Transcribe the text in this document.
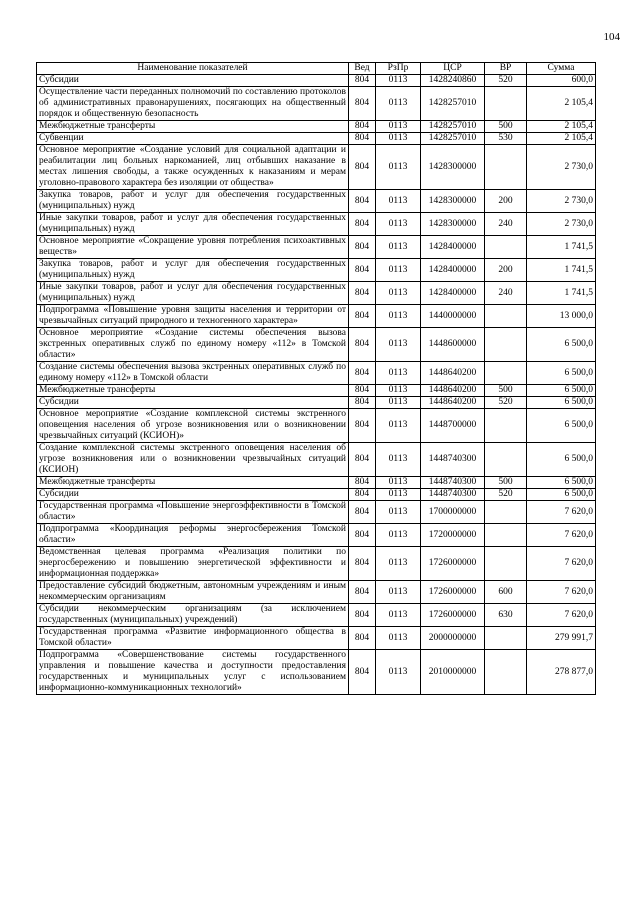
104
Наименование показателей	Вед	РзПр	ЦСР	ВР	Сумма
Субсидии	804	0113	1428240860	520	600,0
Осуществление части переданных полномочий по составлению протоколов об административных правонарушениях, посягающих на общественный порядок и общественную безопасность	804	0113	1428257010		2 105,4
Межбюджетные трансферты	804	0113	1428257010	500	2 105,4
Субвенции	804	0113	1428257010	530	2 105,4
Основное мероприятие «Создание условий для социальной адаптации и реабилитации лиц больных наркоманией, лиц отбывших наказание в местах лишения свободы, а также осужденных к наказаниям и мерам уголовно-правового характера без изоляции от общества»	804	0113	1428300000		2 730,0
Закупка товаров, работ и услуг для обеспечения государственных (муниципальных) нужд	804	0113	1428300000	200	2 730,0
Иные закупки товаров, работ и услуг для обеспечения государственных (муниципальных) нужд	804	0113	1428300000	240	2 730,0
Основное мероприятие «Сокращение уровня потребления психоактивных веществ»	804	0113	1428400000		1 741,5
Закупка товаров, работ и услуг для обеспечения государственных (муниципальных) нужд	804	0113	1428400000	200	1 741,5
Иные закупки товаров, работ и услуг для обеспечения государственных (муниципальных) нужд	804	0113	1428400000	240	1 741,5
Подпрограмма «Повышение уровня защиты населения и территории от чрезвычайных ситуаций природного и техногенного характера»	804	0113	1440000000		13 000,0
Основное мероприятие «Создание системы обеспечения вызова экстренных оперативных служб по единому номеру «112» в Томской области»	804	0113	1448600000		6 500,0
Создание системы обеспечения вызова экстренных оперативных служб по единому номеру «112» в Томской области	804	0113	1448640200		6 500,0
Межбюджетные трансферты	804	0113	1448640200	500	6 500,0
Субсидии	804	0113	1448640200	520	6 500,0
Основное мероприятие «Создание комплексной системы экстренного оповещения населения об угрозе возникновения или о возникновении чрезвычайных ситуаций (КСИОН)»	804	0113	1448700000		6 500,0
Создание комплексной системы экстренного оповещения населения об угрозе возникновения или о возникновении чрезвычайных ситуаций (КСИОН)	804	0113	1448740300		6 500,0
Межбюджетные трансферты	804	0113	1448740300	500	6 500,0
Субсидии	804	0113	1448740300	520	6 500,0
Государственная программа «Повышение энергоэффективности в Томской области»	804	0113	1700000000		7 620,0
Подпрограмма «Координация реформы энергосбережения Томской области»	804	0113	1720000000		7 620,0
Ведомственная целевая программа «Реализация политики по энергосбережению и повышению энергетической эффективности и информационная поддержка»	804	0113	1726000000		7 620,0
Предоставление субсидий бюджетным, автономным учреждениям и иным некоммерческим организациям	804	0113	1726000000	600	7 620,0
Субсидии некоммерческим организациям (за исключением государственных (муниципальных) учреждений)	804	0113	1726000000	630	7 620,0
Государственная программа «Развитие информационного общества в Томской области»	804	0113	2000000000		279 991,7
Подпрограмма «Совершенствование системы государственного управления и повышение качества и доступности предоставления государственных и муниципальных услуг с использованием информационно-коммуникационных технологий»	804	0113	2010000000		278 877,0
